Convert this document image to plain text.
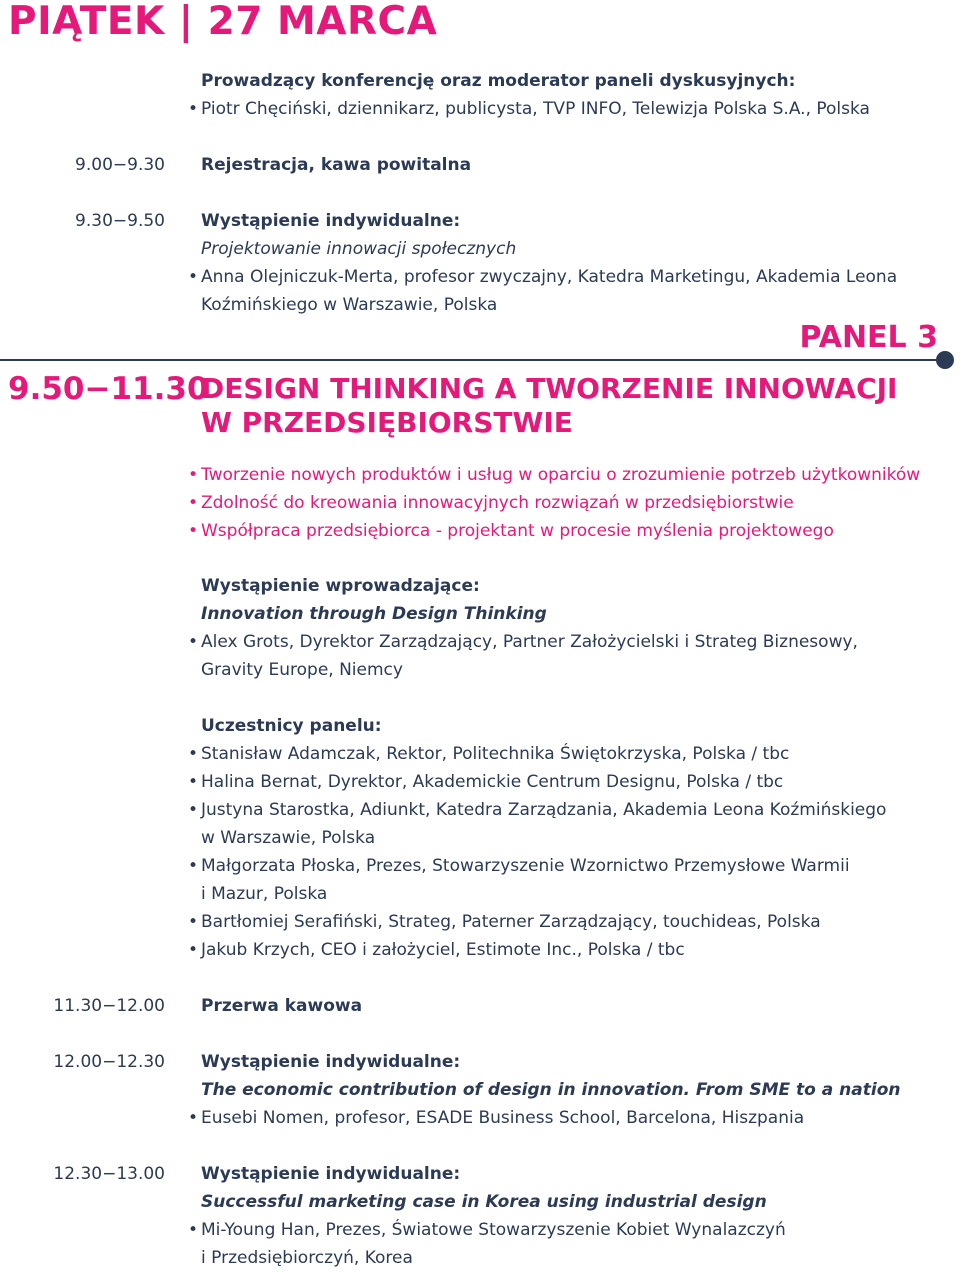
PIĄTEK | 27 MARCA
Prowadzący konferencję oraz moderator paneli dyskusyjnych:
• Piotr Chęciński, dziennikarz, publicysta, TVP INFO, Telewizja Polska S.A., Polska
9.00−9.30 Rejestracja, kawa powitalna
9.30−9.50 Wystąpienie indywidualne:
Projektowanie innowacji społecznych
• Anna Olejniczuk-Merta, profesor zwyczajny, Katedra Marketingu, Akademia Leona
Koźmińskiego w Warszawie, Polska
PANEL 3
9.50−11.30
DESIGN THINKING A TWORZENIE INNOWACJI
W PRZEDSIĘBIORSTWIE
• Tworzenie nowych produktów i usług w oparciu o zrozumienie potrzeb użytkowników
• Zdolność do kreowania innowacyjnych rozwiązań w przedsiębiorstwie
• Współpraca przedsiębiorca - projektant w procesie myślenia projektowego
Wystąpienie wprowadzające:
Innovation through Design Thinking
• Alex Grots, Dyrektor Zarządzający, Partner Założycielski i Strateg Biznesowy,
Gravity Europe, Niemcy
Uczestnicy panelu:
• Stanisław Adamczak, Rektor, Politechnika Świętokrzyska, Polska / tbc
• Halina Bernat, Dyrektor, Akademickie Centrum Designu, Polska / tbc
• Justyna Starostka, Adiunkt, Katedra Zarządzania, Akademia Leona Koźmińskiego
w Warszawie, Polska
• Małgorzata Płoska, Prezes, Stowarzyszenie Wzornictwo Przemysłowe Warmii
i Mazur, Polska
• Bartłomiej Serafiński, Strateg, Paterner Zarządzający, touchideas, Polska
• Jakub Krzych, CEO i założyciel, Estimote Inc., Polska / tbc
11.30−12.00 Przerwa kawowa
12.00−12.30 Wystąpienie indywidualne:
The economic contribution of design in innovation. From SME to a nation
• Eusebi Nomen, profesor, ESADE Business School, Barcelona, Hiszpania
12.30−13.00 Wystąpienie indywidualne:
Successful marketing case in Korea using industrial design
• Mi-Young Han, Prezes, Światowe Stowarzyszenie Kobiet Wynalazczyń
i Przedsiębiorczyń, Korea
